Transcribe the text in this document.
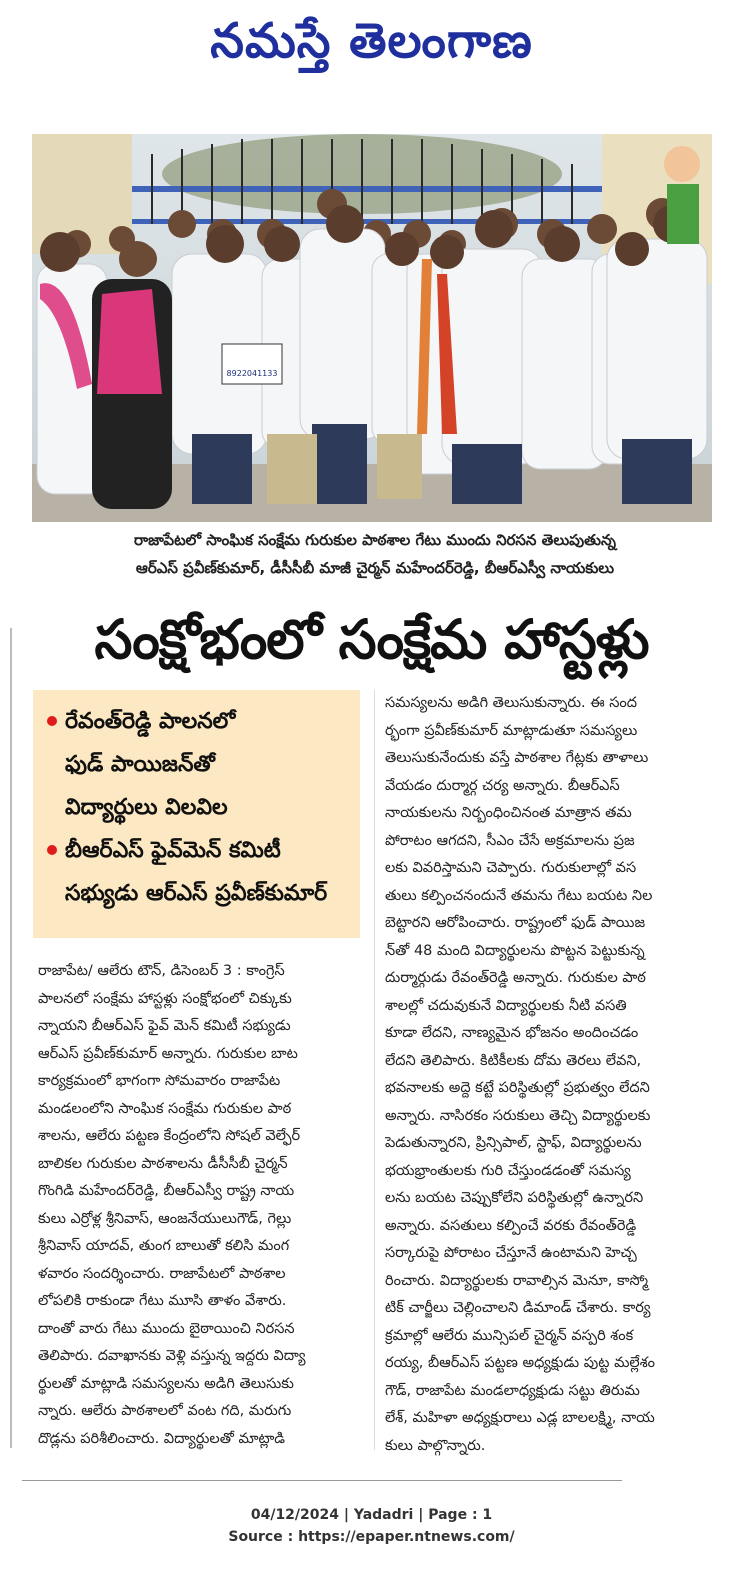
నమస్తే తెలంగాణ
8922041133
రాజాపేటలో సాంఘిక సంక్షేమ గురుకుల పాఠశాల గేటు ముందు నిరసన తెలుపుతున్న
ఆర్ఎస్ ప్రవీణ్‌కుమార్, డీసీసీబీ మాజీ చైర్మన్ మహేందర్‌రెడ్డి, బీఆర్ఎస్వీ నాయకులు
సంక్షోభంలో సంక్షేమ హాస్టళ్లు
రేవంత్‌రెడ్డి పాలనలో
ఫుడ్ పాయిజన్‌తో
విద్యార్థులు విలవిల
బీఆర్ఎస్ ఫైవ్‌మెన్ కమిటీ
సభ్యుడు ఆర్ఎస్ ప్రవీణ్‌కుమార్
రాజాపేట/ ఆలేరు టౌన్, డిసెంబర్ 3 : కాంగ్రెస్
పాలనలో సంక్షేమ హాస్టళ్లు సంక్షోభంలో చిక్కుకు
న్నాయని బీఆర్ఎస్ ఫైవ్ మెన్ కమిటీ సభ్యుడు
ఆర్ఎస్ ప్రవీణ్‌కుమార్ అన్నారు. గురుకుల బాట
కార్యక్రమంలో భాగంగా సోమవారం రాజాపేట
మండలంలోని సాంఘిక సంక్షేమ గురుకుల పాఠ
శాలను, ఆలేరు పట్టణ కేంద్రంలోని సోషల్ వెల్ఫేర్
బాలికల గురుకుల పాఠశాలను డీసీసీబీ చైర్మన్
గొంగిడి మహేందర్‌రెడ్డి, బీఆర్ఎస్వీ రాష్ట్ర నాయ
కులు ఎర్రోళ్ల శ్రీనివాస్, ఆంజనేయులుగౌడ్, గెల్లు
శ్రీనివాస్ యాదవ్, తుంగ బాలుతో కలిసి మంగ
ళవారం సందర్శించారు. రాజాపేటలో పాఠశాల
లోపలికి రాకుండా గేటు మూసి తాళం వేశారు.
దాంతో వారు గేటు ముందు బైఠాయించి నిరసన
తెలిపారు. దవాఖానకు వెళ్లి వస్తున్న ఇద్దరు విద్యా
ర్థులతో మాట్లాడి సమస్యలను అడిగి తెలుసుకు
న్నారు. ఆలేరు పాఠశాలలో వంట గది, మరుగు
దొడ్లను పరిశీలించారు. విద్యార్థులతో మాట్లాడి
సమస్యలను అడిగి తెలుసుకున్నారు. ఈ సంద
ర్భంగా ప్రవీణ్‌కుమార్ మాట్లాడుతూ సమస్యలు
తెలుసుకునేందుకు వస్తే పాఠశాల గేట్లకు తాళాలు
వేయడం దుర్మార్గ చర్య అన్నారు. బీఆర్ఎస్
నాయకులను నిర్బంధించినంత మాత్రాన తమ
పోరాటం ఆగదని, సీఎం చేసే అక్రమాలను ప్రజ
లకు వివరిస్తామని చెప్పారు. గురుకులాల్లో వస
తులు కల్పించనందునే తమను గేటు బయట నిల
బెట్టారని ఆరోపించారు. రాష్ట్రంలో ఫుడ్ పాయిజ
న్‌తో 48 మంది విద్యార్థులను పొట్టన పెట్టుకున్న
దుర్మార్గుడు రేవంత్‌రెడ్డి అన్నారు. గురుకుల పాఠ
శాలల్లో చదువుకునే విద్యార్థులకు నీటి వసతి
కూడా లేదని, నాణ్యమైన భోజనం అందించడం
లేదని తెలిపారు. కిటికీలకు దోమ తెరలు లేవని,
భవనాలకు అద్దె కట్టే పరిస్థితుల్లో ప్రభుత్వం లేదని
అన్నారు. నాసిరకం సరుకులు తెచ్చి విద్యార్థులకు
పెడుతున్నారని, ప్రిన్సిపాల్, స్టాఫ్, విద్యార్థులను
భయభ్రాంతులకు గురి చేస్తుండడంతో సమస్య
లను బయట చెప్పుకోలేని పరిస్థితుల్లో ఉన్నారని
అన్నారు. వసతులు కల్పించే వరకు రేవంత్‌రెడ్డి
సర్కారుపై పోరాటం చేస్తూనే ఉంటామని హెచ్చ
రించారు. విద్యార్థులకు రావాల్సిన మెనూ, కాస్మో
టిక్ చార్జీలు చెల్లించాలని డిమాండ్ చేశారు. కార్య
క్రమాల్లో ఆలేరు మున్సిపల్ చైర్మన్ వస్పరి శంక
రయ్య, బీఆర్ఎస్ పట్టణ అధ్యక్షుడు పుట్ట మల్లేశం
గౌడ్, రాజాపేట మండలాధ్యక్షుడు సట్టు తిరుమ
లేశ్, మహిళా అధ్యక్షురాలు ఎడ్ల బాలలక్ష్మి, నాయ
కులు పాల్గొన్నారు.
04/12/2024 | Yadadri | Page : 1
Source : https://epaper.ntnews.com/
